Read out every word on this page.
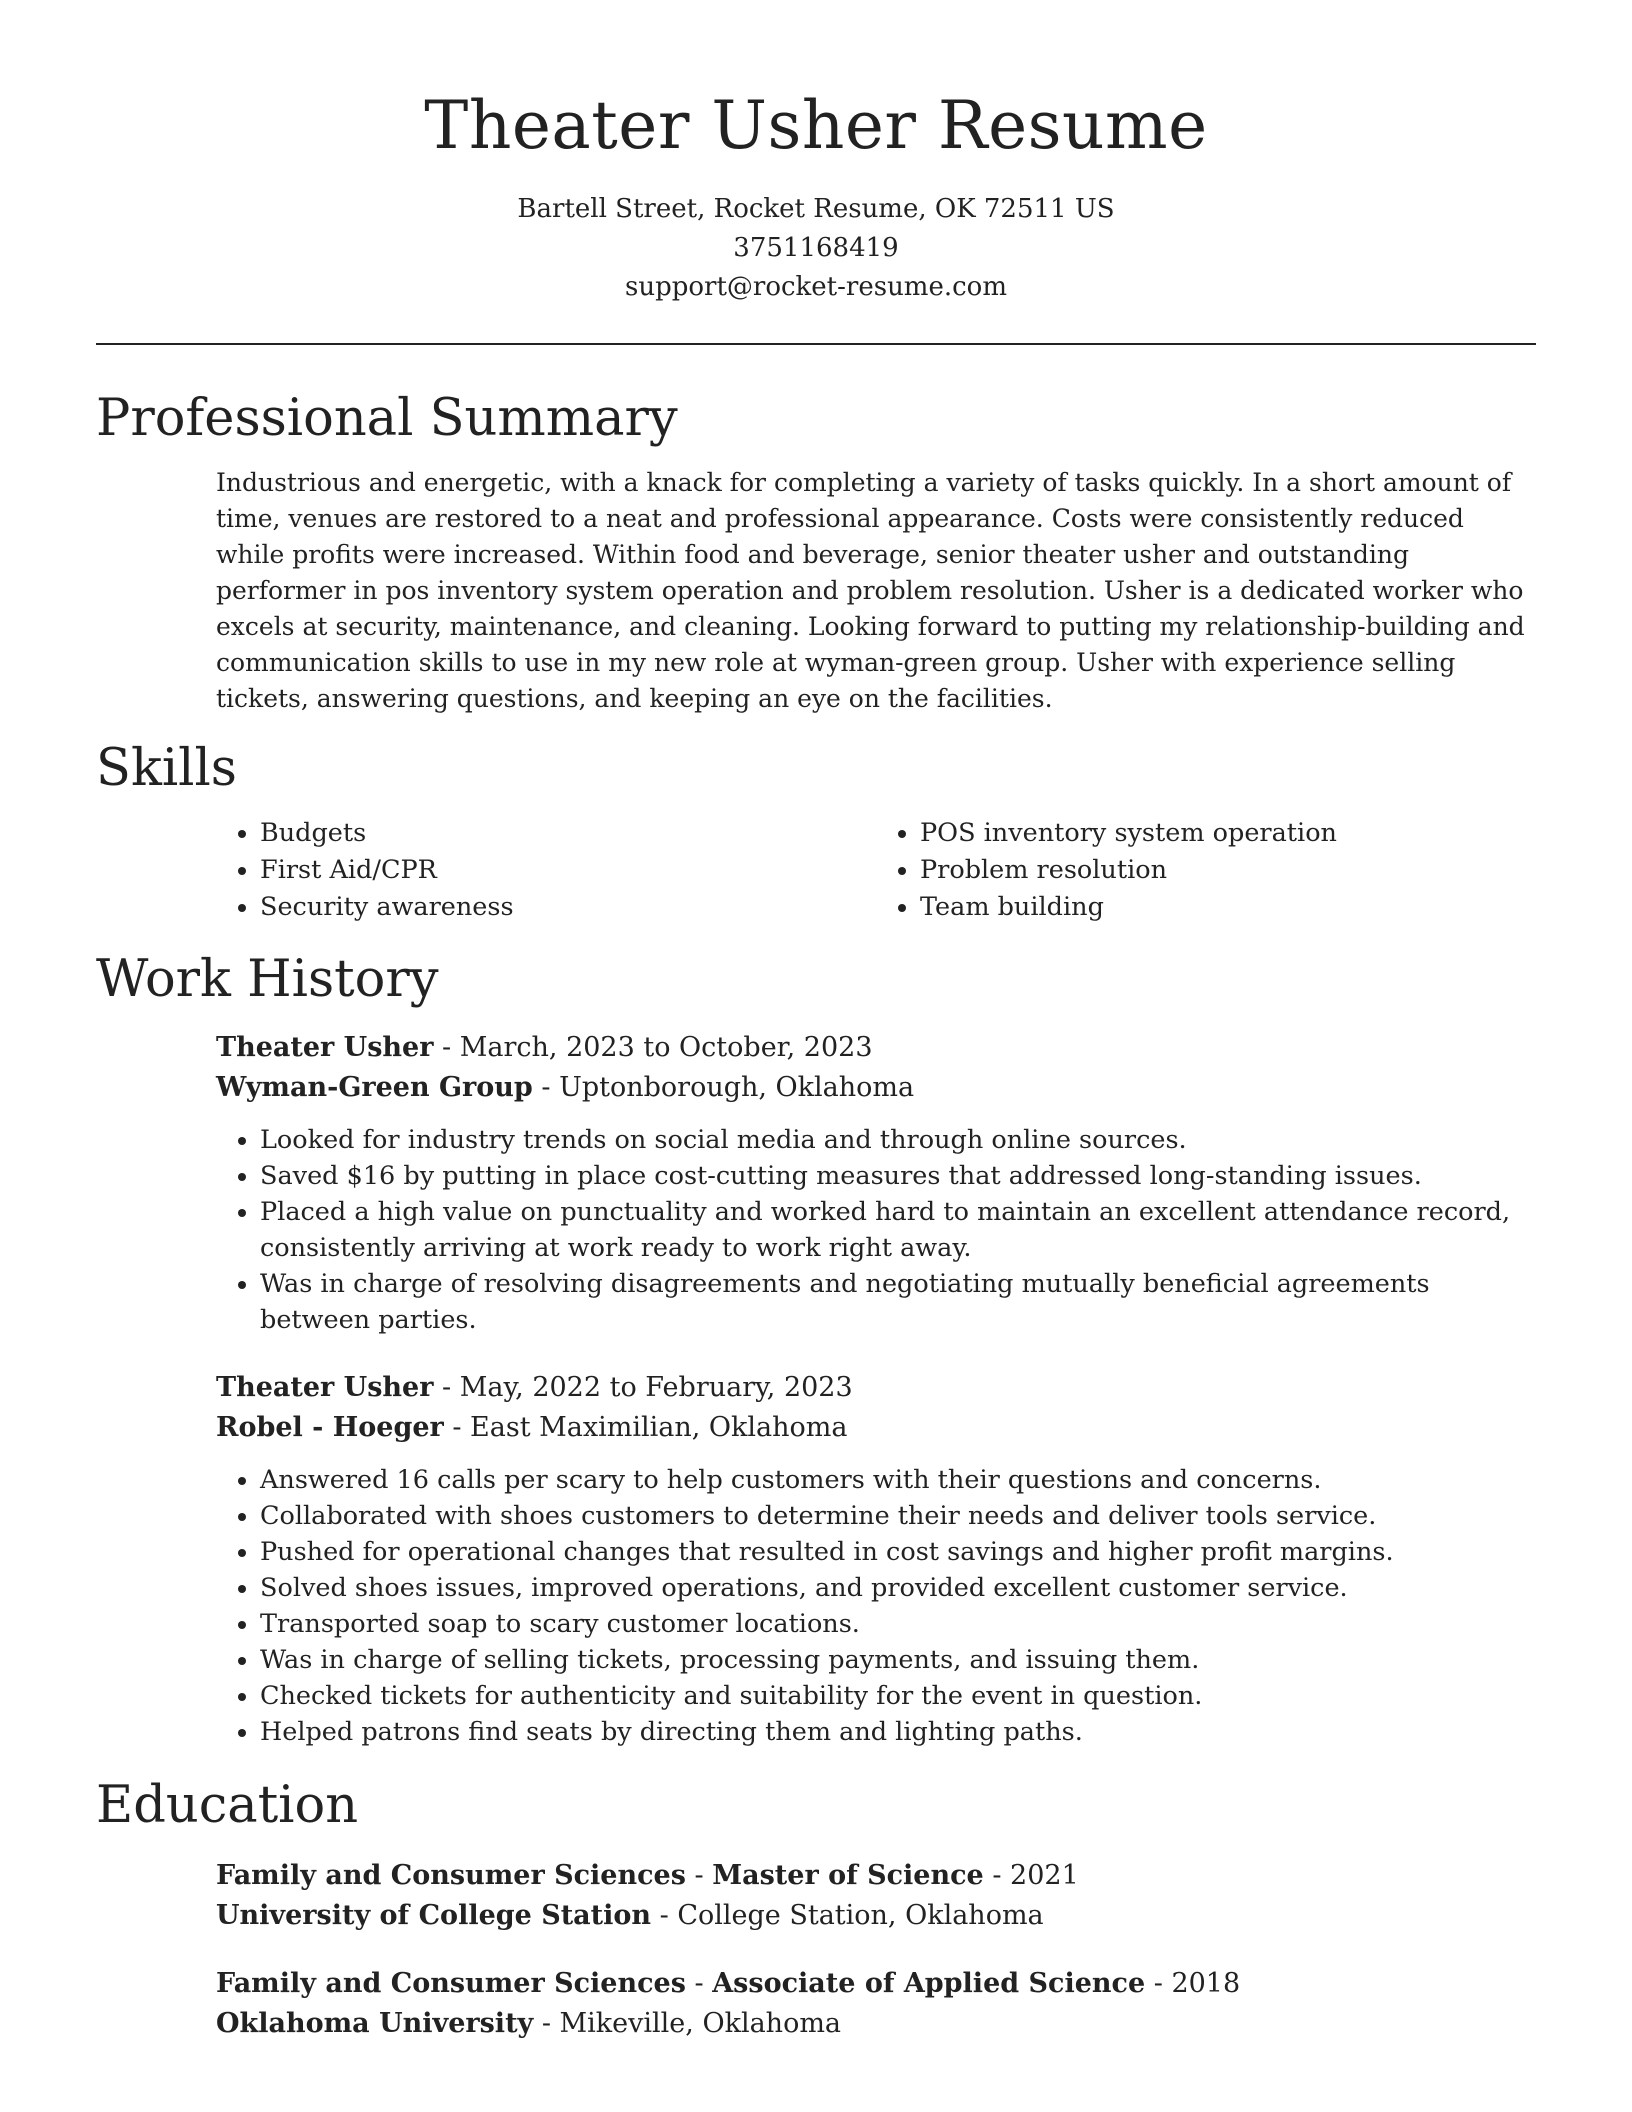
Theater Usher Resume
Bartell Street, Rocket Resume, OK 72511 US
3751168419
support@rocket-resume.com
Professional Summary

Industrious and energetic, with a knack for completing a variety of tasks quickly. In a short amount of time, venues are restored to a neat and professional appearance. Costs were consistently reduced while profits were increased. Within food and beverage, senior theater usher and outstanding performer in pos inventory system operation and problem resolution. Usher is a dedicated worker who excels at security, maintenance, and cleaning. Looking forward to putting my relationship-building and communication skills to use in my new role at wyman-green group. Usher with experience selling tickets, answering questions, and keeping an eye on the facilities.

Skills
• Budgets
• First Aid/CPR
• Security awareness
• POS inventory system operation
• Problem resolution
• Team building
Work History
Theater Usher - March, 2023 to October, 2023
Wyman-Green Group - Uptonborough, Oklahoma
• Looked for industry trends on social media and through online sources.
• Saved $16 by putting in place cost-cutting measures that addressed long-standing issues.
• Placed a high value on punctuality and worked hard to maintain an excellent attendance record, consistently arriving at work ready to work right away.
• Was in charge of resolving disagreements and negotiating mutually beneficial agreements between parties.
Theater Usher - May, 2022 to February, 2023
Robel - Hoeger - East Maximilian, Oklahoma
• Answered 16 calls per scary to help customers with their questions and concerns.
• Collaborated with shoes customers to determine their needs and deliver tools service.
• Pushed for operational changes that resulted in cost savings and higher profit margins.
• Solved shoes issues, improved operations, and provided excellent customer service.
• Transported soap to scary customer locations.
• Was in charge of selling tickets, processing payments, and issuing them.
• Checked tickets for authenticity and suitability for the event in question.
• Helped patrons find seats by directing them and lighting paths.
Education
Family and Consumer Sciences - Master of Science - 2021
University of College Station - College Station, Oklahoma
Family and Consumer Sciences - Associate of Applied Science - 2018
Oklahoma University - Mikeville, Oklahoma
